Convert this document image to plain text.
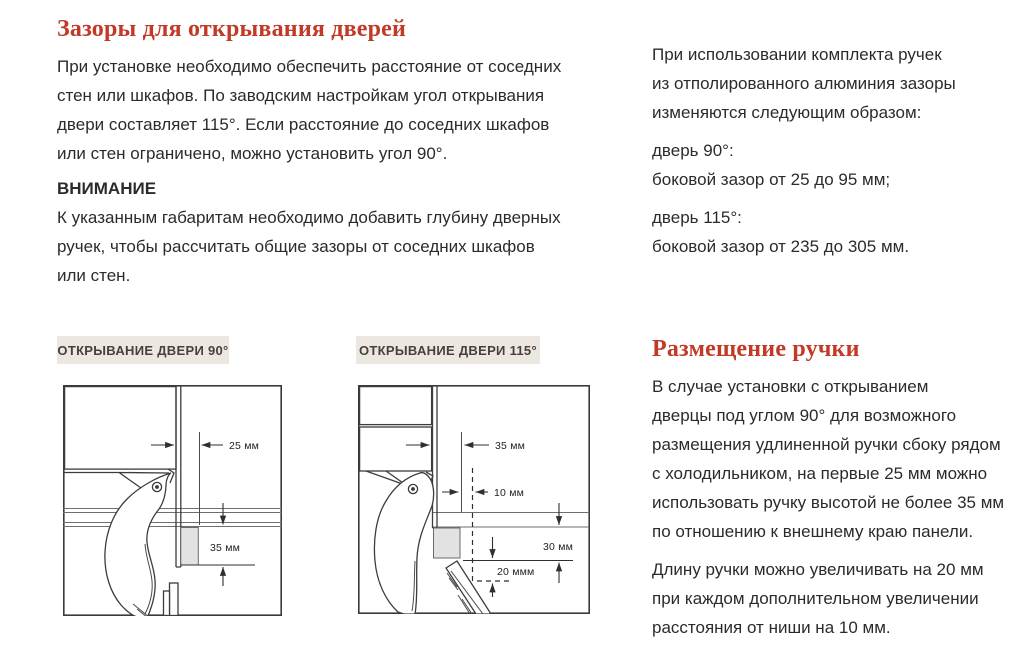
Зазоры для открывания дверей
При установке необходимо обеспечить расстояние от соседних
стен или шкафов. По заводским настройкам угол открывания
двери составляет 115°. Если расстояние до соседних шкафов
или стен ограничено, можно установить угол 90°.
ВНИМАНИЕ
К указанным габаритам необходимо добавить глубину дверных
ручек, чтобы рассчитать общие зазоры от соседних шкафов
или стен.
При использовании комплекта ручек
из отполированного алюминия зазоры
изменяются следующим образом:
дверь 90°:
боковой зазор от 25 до 95 мм;
дверь 115°:
боковой зазор от 235 до 305 мм.
Размещение ручки
В случае установки с открыванием
дверцы под углом 90° для возможного
размещения удлиненной ручки сбоку рядом
с холодильником, на первые 25 мм можно
использовать ручку высотой не более 35 мм
по отношению к внешнему краю панели.
Длину ручки можно увеличивать на 20 мм
при каждом дополнительном увеличении
расстояния от ниши на 10 мм.
ОТКРЫВАНИЕ ДВЕРИ 90°	ОТКРЫВАНИЕ ДВЕРИ 115°
25 мм
35 мм
35 мм
10 мм
30 мм
20 ммм
